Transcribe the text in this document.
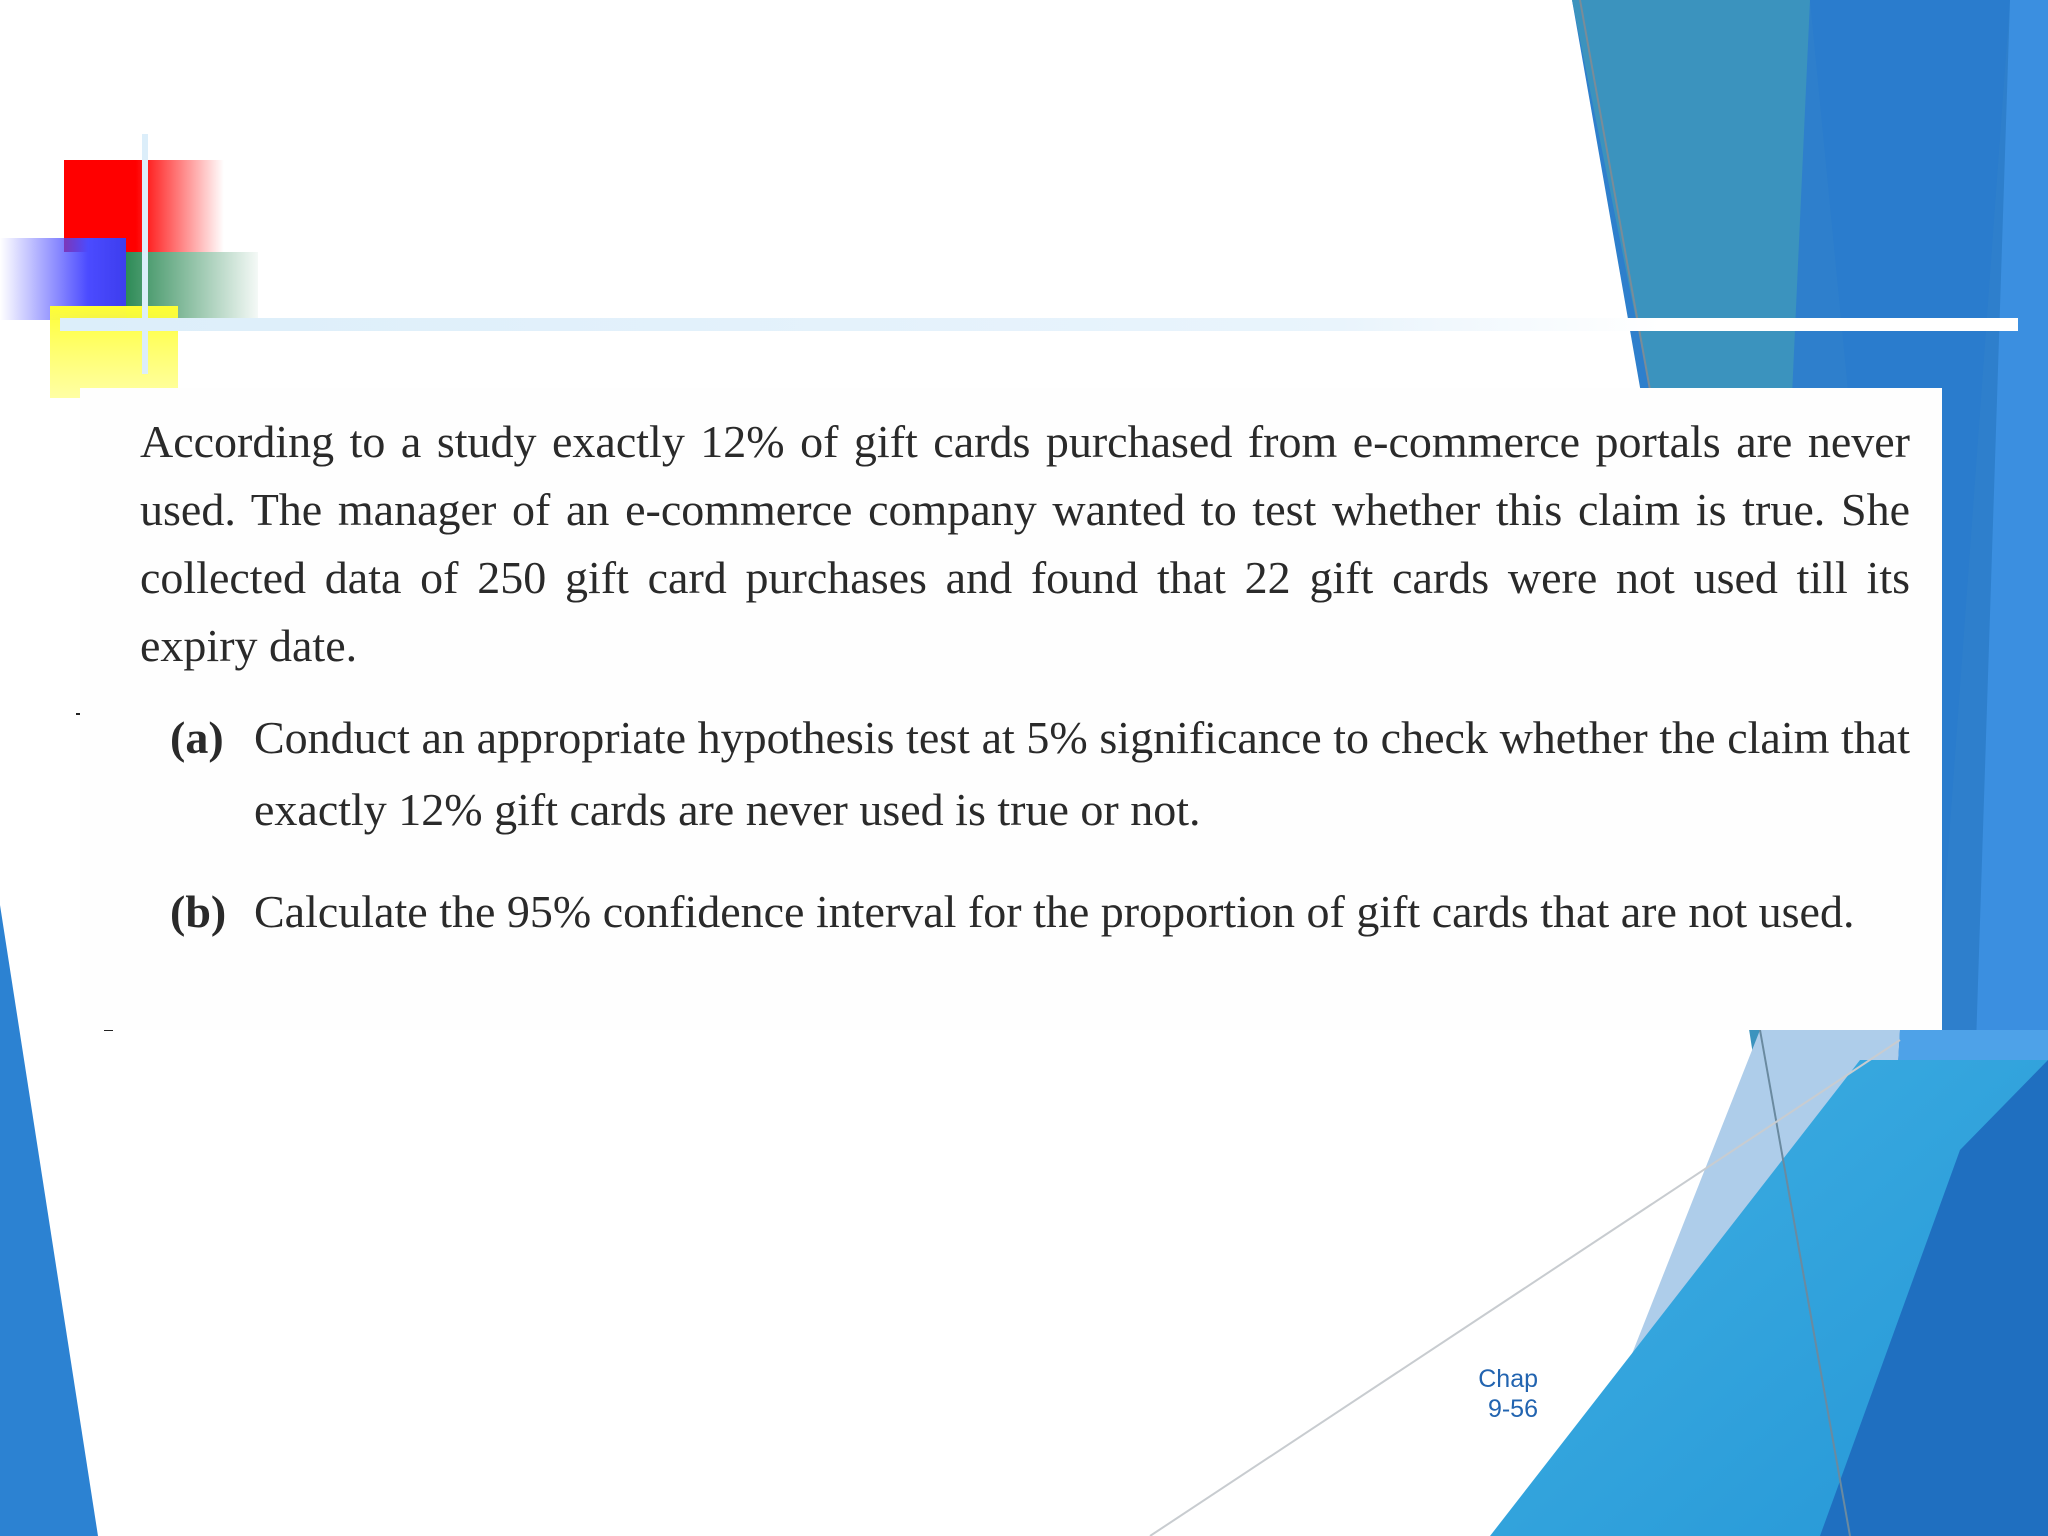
According to a study exactly 12% of gift cards purchased from e-commerce portals are never used. The manager of an e-commerce company wanted to test whether this claim is true. She collected data of 250 gift card purchases and found that 22 gift cards were not used till its expiry date.

(a) Conduct an appropriate hypothesis test at 5% significance to check whether the claim that exactly 12% gift cards are never used is true or not.

(b) Calculate the 95% confidence interval for the proportion of gift cards that are not used.

Chap
9-56
